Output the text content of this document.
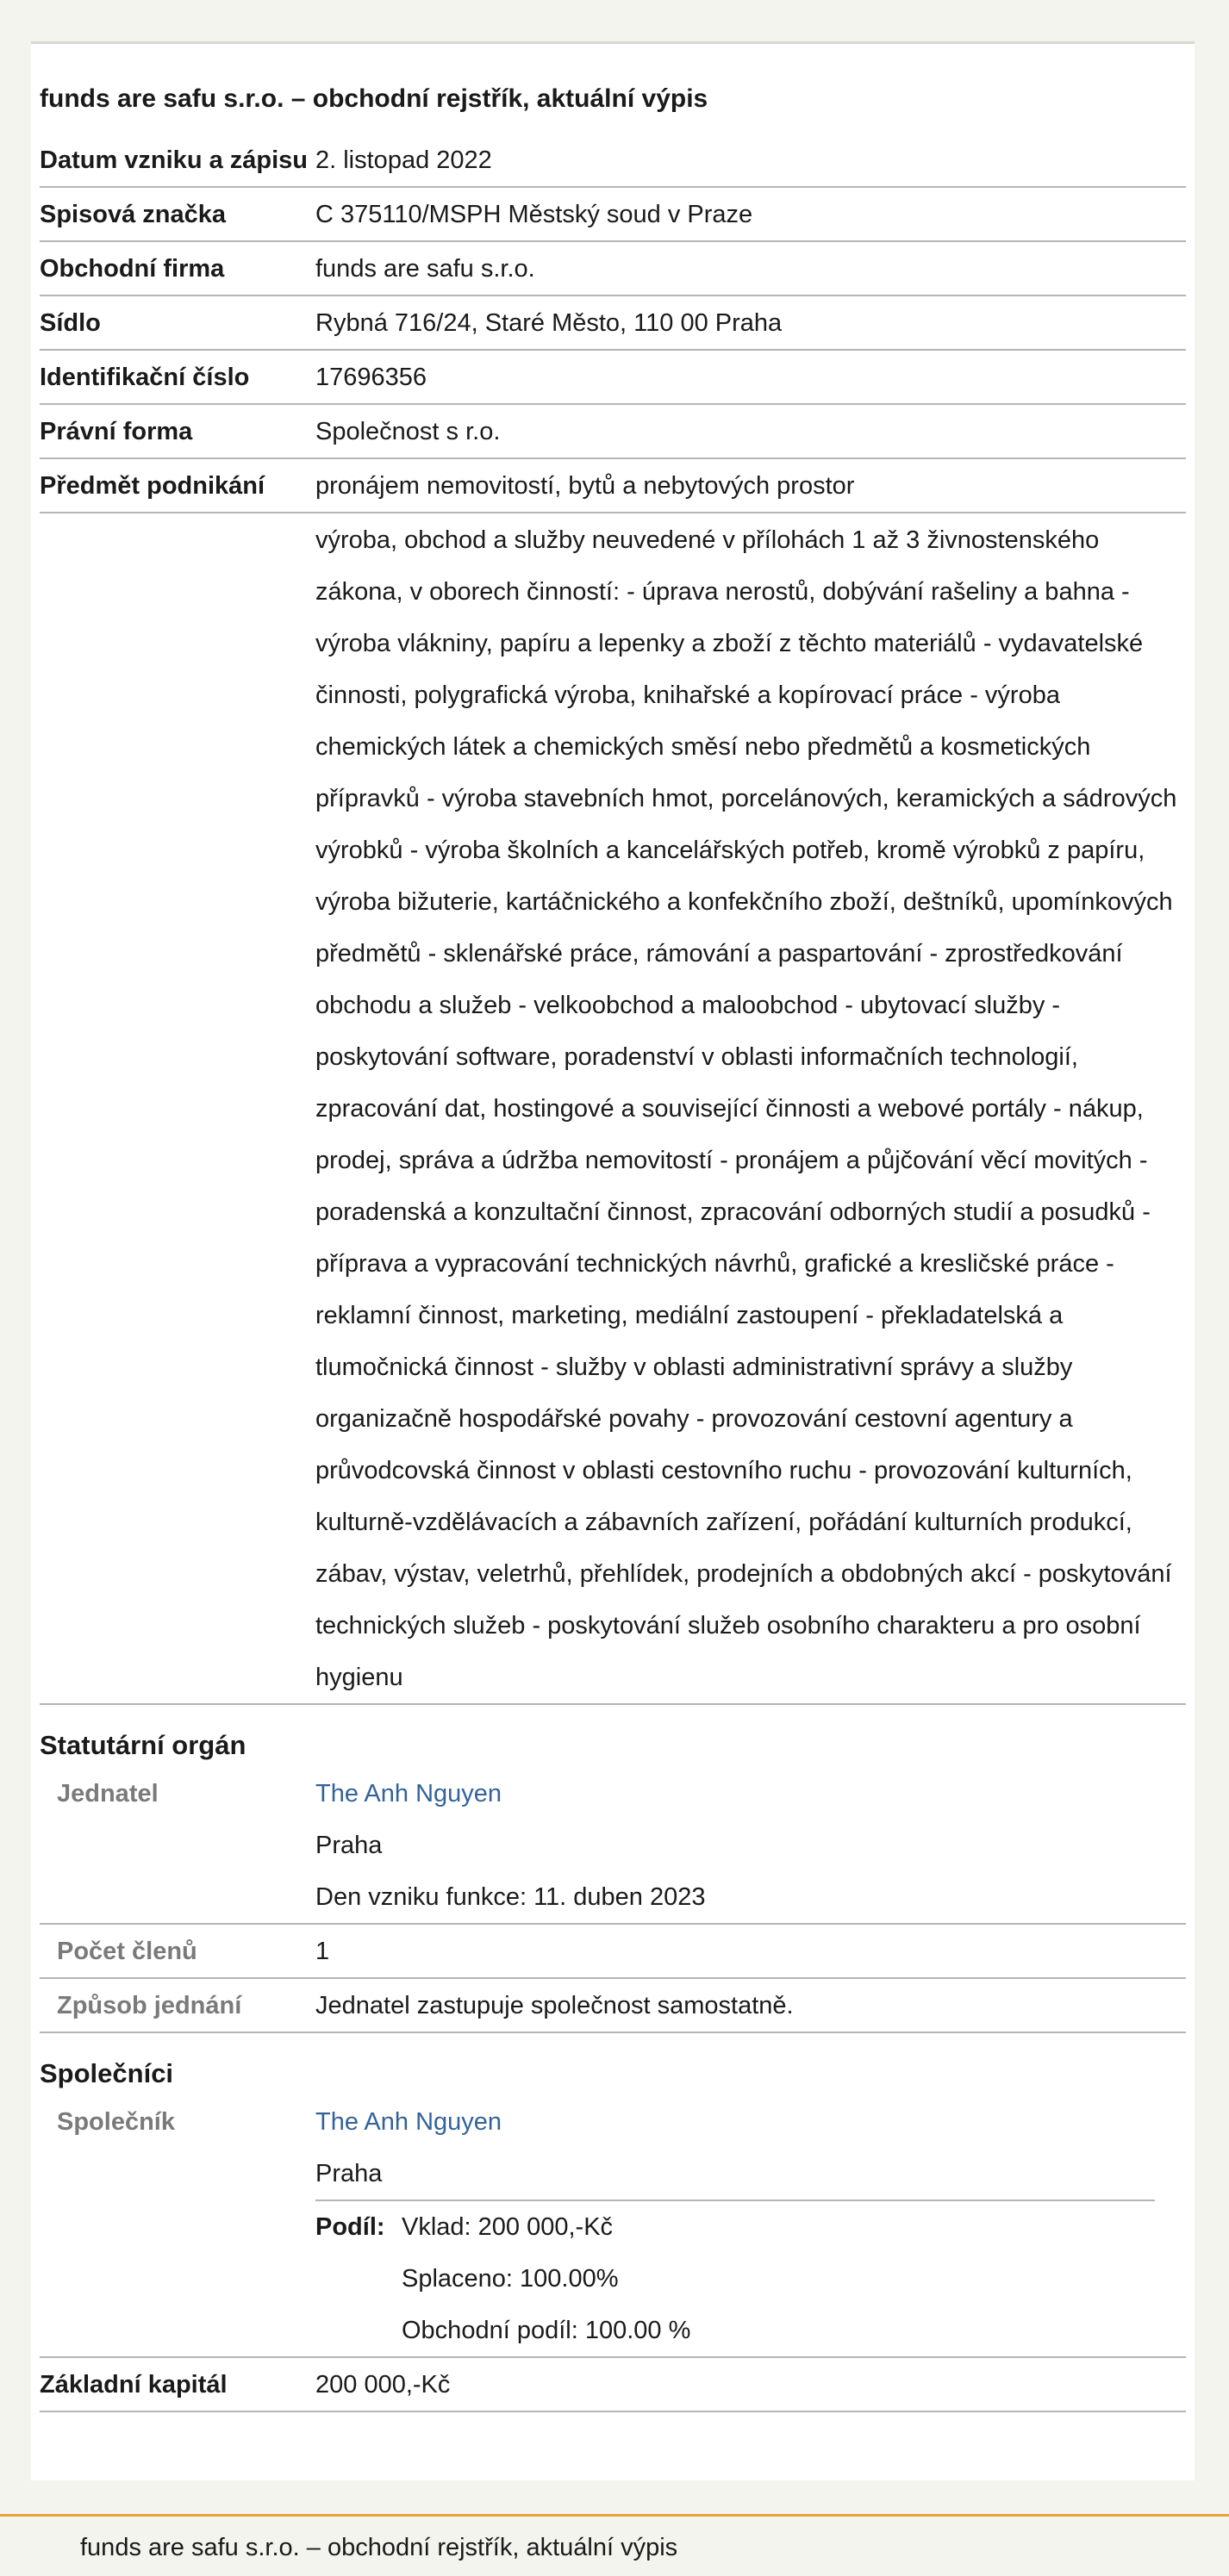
funds are safu s.r.o. – obchodní rejstřík, aktuální výpis
Datum vzniku a zápisu 2. listopad 2022
Spisová značka	C 375110/MSPH Městský soud v Praze
Obchodní firma	funds are safu s.r.o.
Sídlo	Rybná 716/24, Staré Město, 110 00 Praha
Identifikační číslo	17696356
Právní forma	Společnost s r.o.
Předmět podnikání	pronájem nemovitostí, bytů a nebytových prostor
výroba, obchod a služby neuvedené v přílohách 1 až 3 živnostenského zákona, v oborech činností: - úprava nerostů, dobývání rašeliny a bahna - výroba vlákniny, papíru a lepenky a zboží z těchto materiálů - vydavatelské činnosti, polygrafická výroba, knihařské a kopírovací práce - výroba chemických látek a chemických směsí nebo předmětů a kosmetických přípravků - výroba stavebních hmot, porcelánových, keramických a sádrových výrobků - výroba školních a kancelářských potřeb, kromě výrobků z papíru, výroba bižuterie, kartáčnického a konfekčního zboží, deštníků, upomínkových předmětů - sklenářské práce, rámování a paspartování - zprostředkování obchodu a služeb - velkoobchod a maloobchod - ubytovací služby - poskytování software, poradenství v oblasti informačních technologií, zpracování dat, hostingové a související činnosti a webové portály - nákup, prodej, správa a údržba nemovitostí - pronájem a půjčování věcí movitých - poradenská a konzultační činnost, zpracování odborných studií a posudků - příprava a vypracování technických návrhů, grafické a kresličské práce - reklamní činnost, marketing, mediální zastoupení - překladatelská a tlumočnická činnost - služby v oblasti administrativní správy a služby organizačně hospodářské povahy - provozování cestovní agentury a průvodcovská činnost v oblasti cestovního ruchu - provozování kulturních, kulturně-vzdělávacích a zábavních zařízení, pořádání kulturních produkcí, zábav, výstav, veletrhů, přehlídek, prodejních a obdobných akcí - poskytování technických služeb - poskytování služeb osobního charakteru a pro osobní hygienu
Statutární orgán
Jednatel	The Anh Nguyen
Praha
Den vzniku funkce: 11. duben 2023
Počet členů	1
Způsob jednání	Jednatel zastupuje společnost samostatně.
Společníci
Společník	The Anh Nguyen
Praha
Podíl: Vklad: 200 000,-Kč
Splaceno: 100.00%
Obchodní podíl: 100.00 %
Základní kapitál	200 000,-Kč
funds are safu s.r.o. – obchodní rejstřík, aktuální výpis
